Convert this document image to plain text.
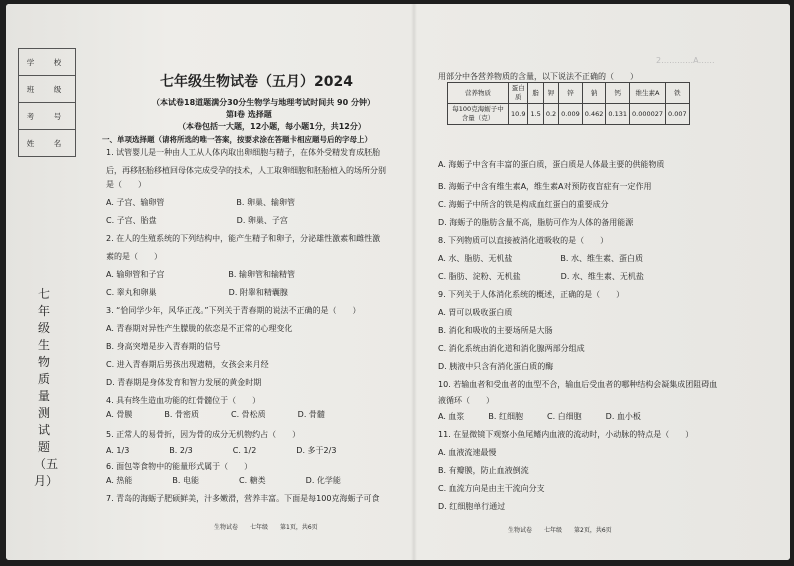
学　校
班　级
考　号
姓　名
七年级生物质量测试题（五月）
七年级生物试卷（五月）2024
（本试卷18道题满分30分生物学与地理考试时间共 90 分钟）
第Ⅰ卷 选择题
（本卷包括一大题，12小题，每小题1分，共12分）
一、单项选择题（请将所选的唯一答案，按要求涂在答题卡相应题号后的字母上）
2…………A……
1. 试管婴儿是一种由人工从人体内取出卵细胞与精子，在体外受精发育成胚胎
后，再移胚胎移植回母体完成受孕的技术，人工取卵细胞和胚胎植入的场所分别
是（　　）
A. 子宫、输卵管　　　　　　　　　B. 卵巢、输卵管
C. 子宫、胎盘　　　　　　　　　　D. 卵巢、子宫
2. 在人的生殖系统的下列结构中，能产生精子和卵子，分泌雄性激素和雌性激
素的是（　　）
A. 输卵管和子宫　　　　　　　　B. 输卵管和输精管
C. 睾丸和卵巢　　　　　　　　　D. 附睾和精囊腺
3. “恰同学少年，风华正茂。”下列关于青春期的说法不正确的是（　　）
A. 青春期对异性产生朦胧的依恋是不正常的心理变化
B. 身高突增是步入青春期的信号
C. 进入青春期后男孩出现遗精，女孩会来月经
D. 青春期是身体发育和智力发展的黄金时期
4. 具有终生造血功能的红骨髓位于（　　）
A. 骨膜　　　　B. 骨密质　　　　C. 骨松质　　　　D. 骨髓
5. 正常人的易骨折，因为骨的成分无机物约占（　　）
A. 1/3　　　　　B. 2/3　　　　　C. 1/2　　　　　D. 多于2/3
6. 面包等食物中的能量形式属于（　　）
A. 热能　　　　　B. 电能　　　　　C. 糖类　　　　　D. 化学能
7. 青岛的海蛎子肥硕鲜美，汁多嫩滑，营养丰富。下面是每100克海蛎子可食
生物试卷　　七年级　　第1页，共6页
用部分中各营养物质的含量，以下说法不正确的（　　）
营养物质	蛋白质	脂	钾	锌	钠	钙	维生素A	铁
每100克海蛎子中含量（克）	10.9	1.5	0.2	0.009	0.462	0.131	0.000027	0.007
A. 海蛎子中含有丰富的蛋白质，蛋白质是人体最主要的供能物质
B. 海蛎子中含有维生素A，维生素A对预防夜盲症有一定作用
C. 海蛎子中所含的铁是构成血红蛋白的重要成分
D. 海蛎子的脂肪含量不高，脂肪可作为人体的备用能源
8. 下列物质可以直接被消化道吸收的是（　　）
A. 水、脂肪、无机盐　　　　　　B. 水、维生素、蛋白质
C. 脂肪、淀粉、无机盐　　　　　D. 水、维生素、无机盐
9. 下列关于人体消化系统的概述，正确的是（　　）
A. 胃可以吸收蛋白质
B. 消化和吸收的主要场所是大肠
C. 消化系统由消化道和消化腺两部分组成
D. 胰液中只含有消化蛋白质的酶
10. 若输血者和受血者的血型不合，输血后受血者的哪种结构会凝集成团阻碍血
液循环（　　）
A. 血浆　　　B. 红细胞　　　C. 白细胞　　　D. 血小板
11. 在显微镜下观察小鱼尾鳍内血液的流动时，小动脉的特点是（　　）
A. 血液流速最慢
B. 有瓣膜，防止血液倒流
C. 血流方向是由主干流向分支
D. 红细胞单行通过
生物试卷　　七年级　　第2页，共6页
